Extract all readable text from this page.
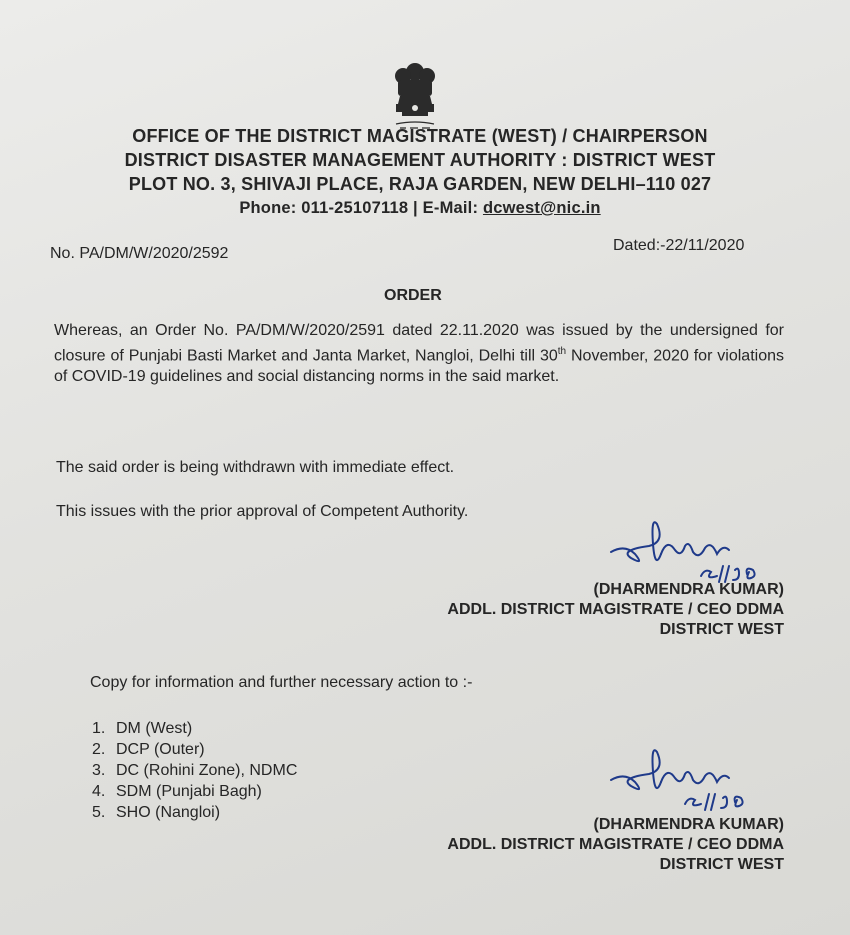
OFFICE OF THE DISTRICT MAGISTRATE (WEST) / CHAIRPERSON
DISTRICT DISASTER MANAGEMENT AUTHORITY : DISTRICT WEST
PLOT NO. 3, SHIVAJI PLACE, RAJA GARDEN, NEW DELHI–110 027
Phone: 011-25107118 | E-Mail: dcwest@nic.in
No. PA/DM/W/2020/2592	Dated:-22/11/2020
ORDER
Whereas, an Order No. PA/DM/W/2020/2591 dated 22.11.2020 was issued by the undersigned for closure of Punjabi Basti Market and Janta Market, Nangloi, Delhi till 30th November, 2020 for violations of COVID-19 guidelines and social distancing norms in the said market.
The said order is being withdrawn with immediate effect.
This issues with the prior approval of Competent Authority.
(DHARMENDRA KUMAR)
ADDL. DISTRICT MAGISTRATE / CEO DDMA
DISTRICT WEST
Copy for information and further necessary action to :-
1. DM (West)
2. DCP (Outer)
3. DC (Rohini Zone), NDMC
4. SDM (Punjabi Bagh)
5. SHO (Nangloi)
(DHARMENDRA KUMAR)
ADDL. DISTRICT MAGISTRATE / CEO DDMA
DISTRICT WEST
